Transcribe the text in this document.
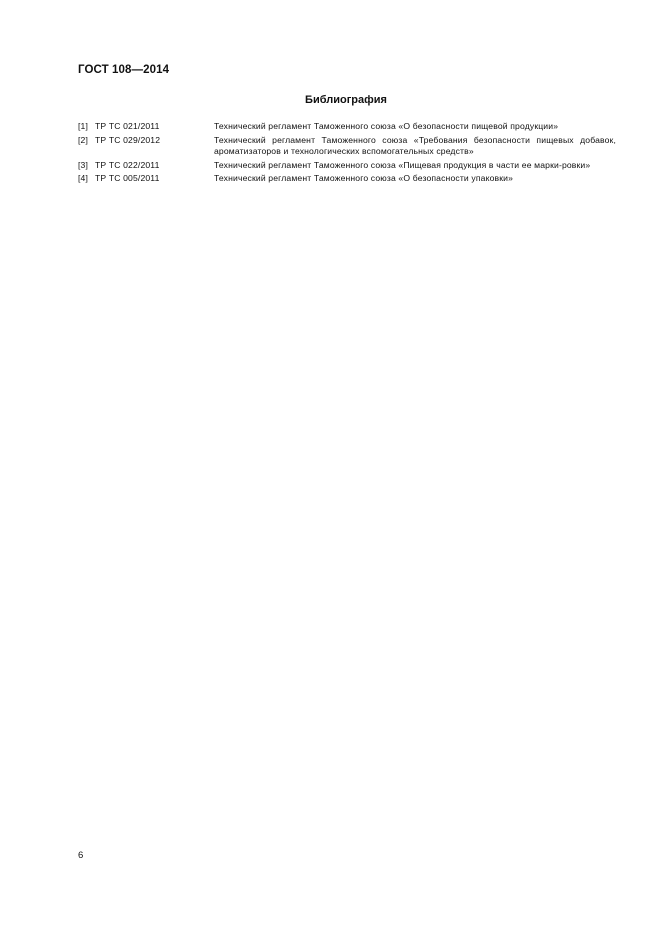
ГОСТ 108—2014
Библиография
[1] ТР ТС 021/2011	Технический регламент Таможенного союза «О безопасности пищевой продукции»
[2] ТР ТС 029/2012	Технический регламент Таможенного союза «Требования безопасности пищевых добавок, ароматизаторов и технологических вспомогательных средств»
[3] ТР ТС 022/2011	Технический регламент Таможенного союза «Пищевая продукция в части ее марки-ровки»
[4] ТР ТС 005/2011	Технический регламент Таможенного союза «О безопасности упаковки»
6
